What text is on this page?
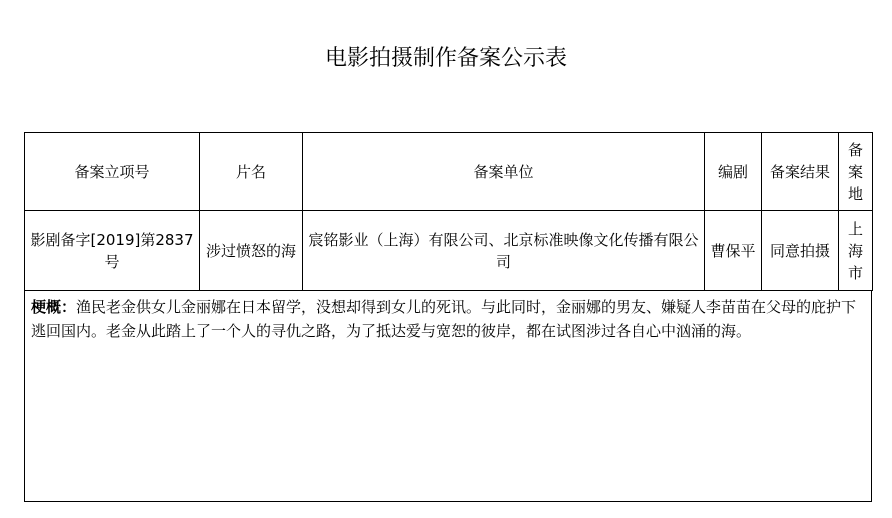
电影拍摄制作备案公示表
备案立项号	片名	备案单位	编剧	备案结果	备案地
影剧备字[2019]第2837号	涉过愤怒的海	宸铭影业（上海）有限公司、北京标准映像文化传播有限公司	曹保平	同意拍摄	上海市
梗概：渔民老金供女儿金丽娜在日本留学，没想却得到女儿的死讯。与此同时，金丽娜的男友、嫌疑人李苗苗在父母的庇护下逃回国内。老金从此踏上了一个人的寻仇之路，为了抵达爱与宽恕的彼岸，都在试图涉过各自心中汹涌的海。
